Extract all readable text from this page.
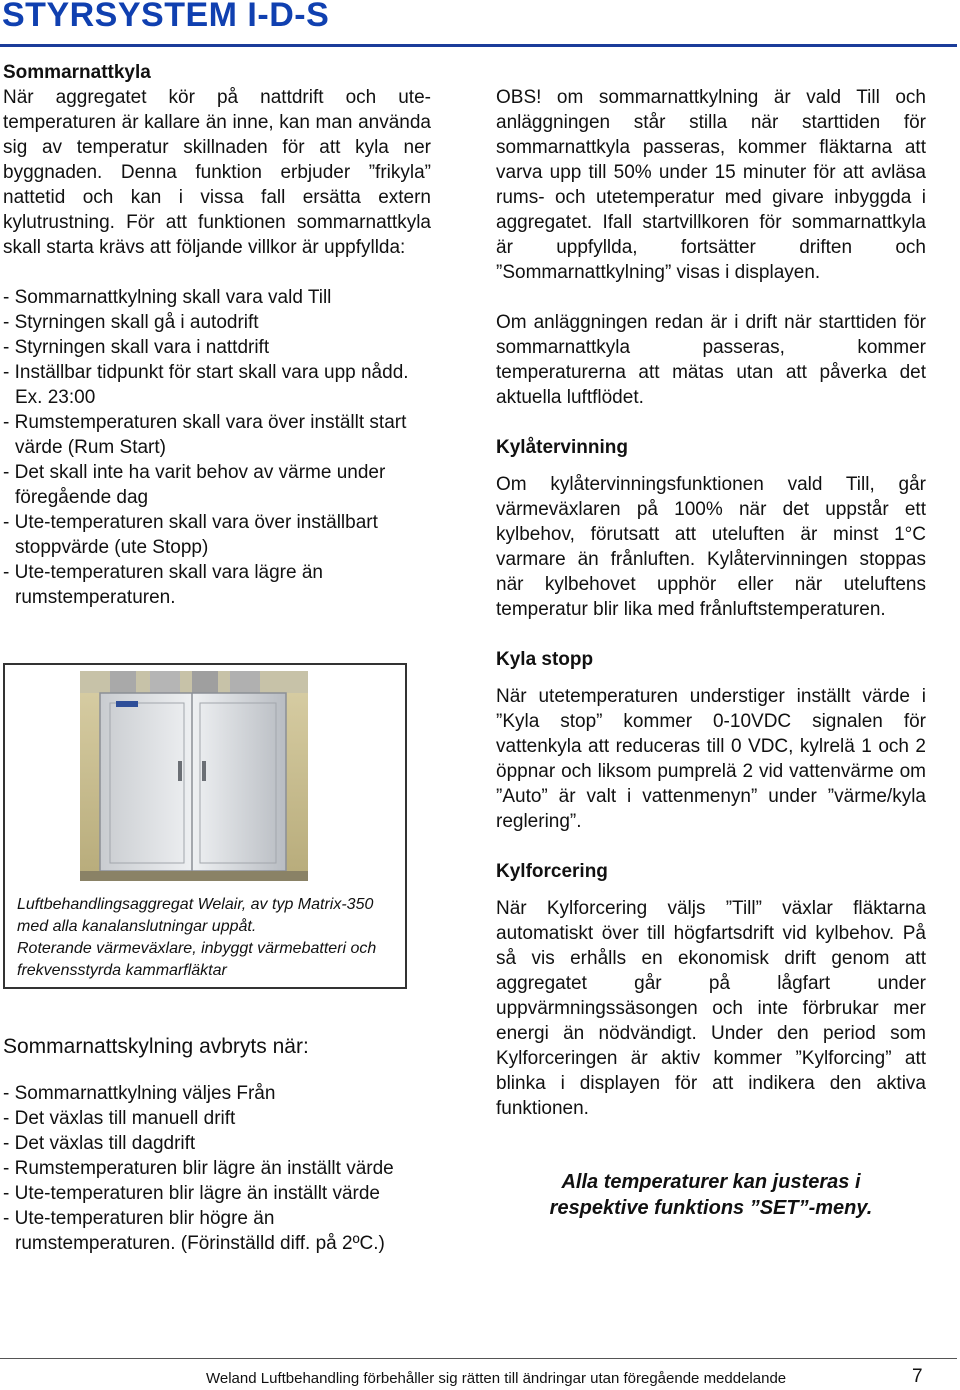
STYRSYSTEM I-D-S

Sommarnattkyla

När aggregatet kör på nattdrift och ute-temperaturen är kallare än inne, kan man använda sig av temperatur skillnaden för att kyla ner byggnaden. Denna funktion erbjuder ”frikyla” nattetid och kan i vissa fall ersätta extern kylutrustning. För att funktionen sommarnattkyla skall starta krävs att följande villkor är uppfyllda:

- Sommarnattkylning skall vara vald Till
- Styrningen skall gå i autodrift
- Styrningen skall vara i nattdrift
- Inställbar tidpunkt för start skall vara upp nådd. Ex. 23:00
- Rumstemperaturen skall vara över inställt start värde (Rum Start)
- Det skall inte ha varit behov av värme under föregående dag
- Ute-temperaturen skall vara över inställbart stoppvärde (ute Stopp)
- Ute-temperaturen skall vara lägre än rumstemperaturen.

Luftbehandlingsaggregat Welair, av typ Matrix-350 med alla kanalanslutningar uppåt.
Roterande värmeväxlare, inbyggt värmebatteri och frekvensstyrda kammarfläktar

Sommarnattskylning avbryts när:

- Sommarnattkylning väljes Från
- Det växlas till manuell drift
- Det växlas till dagdrift
- Rumstemperaturen blir lägre än inställt värde
- Ute-temperaturen blir lägre än inställt värde
- Ute-temperaturen blir högre än rumstemperaturen. (Förinställd diff. på 2ºC.)

OBS! om sommarnattkylning är vald Till och anläggningen står stilla när starttiden för sommarnattkyla passeras, kommer fläktarna att varva upp till 50% under 15 minuter för att avläsa rums- och utetemperatur med givare inbyggda i aggregatet. Ifall startvillkoren för sommarnattkyla är uppfyllda, fortsätter driften och ”Sommarnattkylning” visas i displayen.

Om anläggningen redan är i drift när starttiden för sommarnattkyla passeras, kommer temperaturerna att mätas utan att påverka det aktuella luftflödet.

Kylåtervinning

Om kylåtervinningsfunktionen vald Till, går värmeväxlaren på 100% när det uppstår ett kylbehov, förutsatt att uteluften är minst 1°C varmare än frånluften. Kylåtervinningen stoppas när kylbehovet upphör eller när uteluftens temperatur blir lika med frånluftstemperaturen.

Kyla stopp

När utetemperaturen understiger inställt värde i ”Kyla stop” kommer 0-10VDC signalen för vattenkyla att reduceras till 0 VDC, kylrelä 1 och 2 öppnar och liksom pumprelä 2 vid vattenvärme om ”Auto” är valt i vattenmenyn” under ”värme/kyla reglering”.

Kylforcering

När Kylforcering väljs ”Till” växlar fläktarna automatiskt över till högfartsdrift vid kylbehov. På så vis erhålls en ekonomisk drift genom att aggregatet går på lågfart under uppvärmningssäsongen och inte förbrukar mer energi än nödvändigt. Under den period som Kylforceringen är aktiv kommer ”Kylforcing” att blinka i displayen för att indikera den aktiva funktionen.

Alla temperaturer kan justeras i

respektive funktions ”SET”-meny.

Weland Luftbehandling förbehåller sig rätten till ändringar utan föregående meddelande	7
